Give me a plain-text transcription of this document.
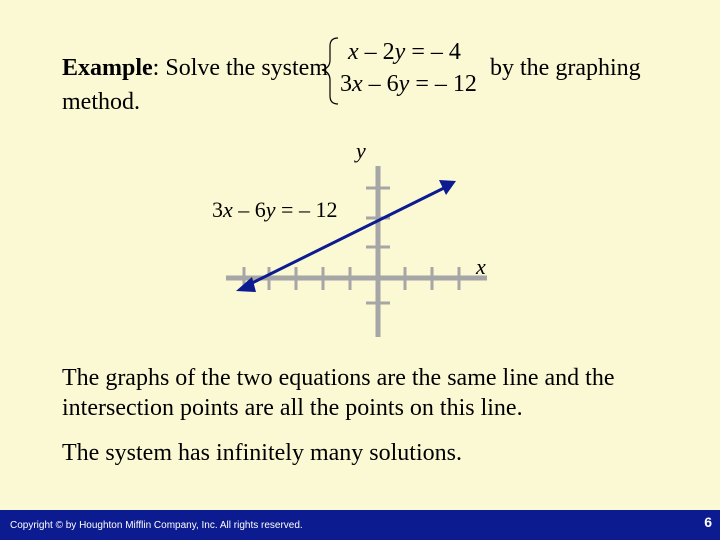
Example: Solve the system
x – 2y = – 4
3x – 6y = – 12
by the graphing
method.
y
x
3x – 6y = – 12
The graphs of the two equations are the same line and the
intersection points are all the points on this line.
The system has infinitely many solutions.
Copyright © by Houghton Mifflin Company, Inc. All rights reserved.	6
